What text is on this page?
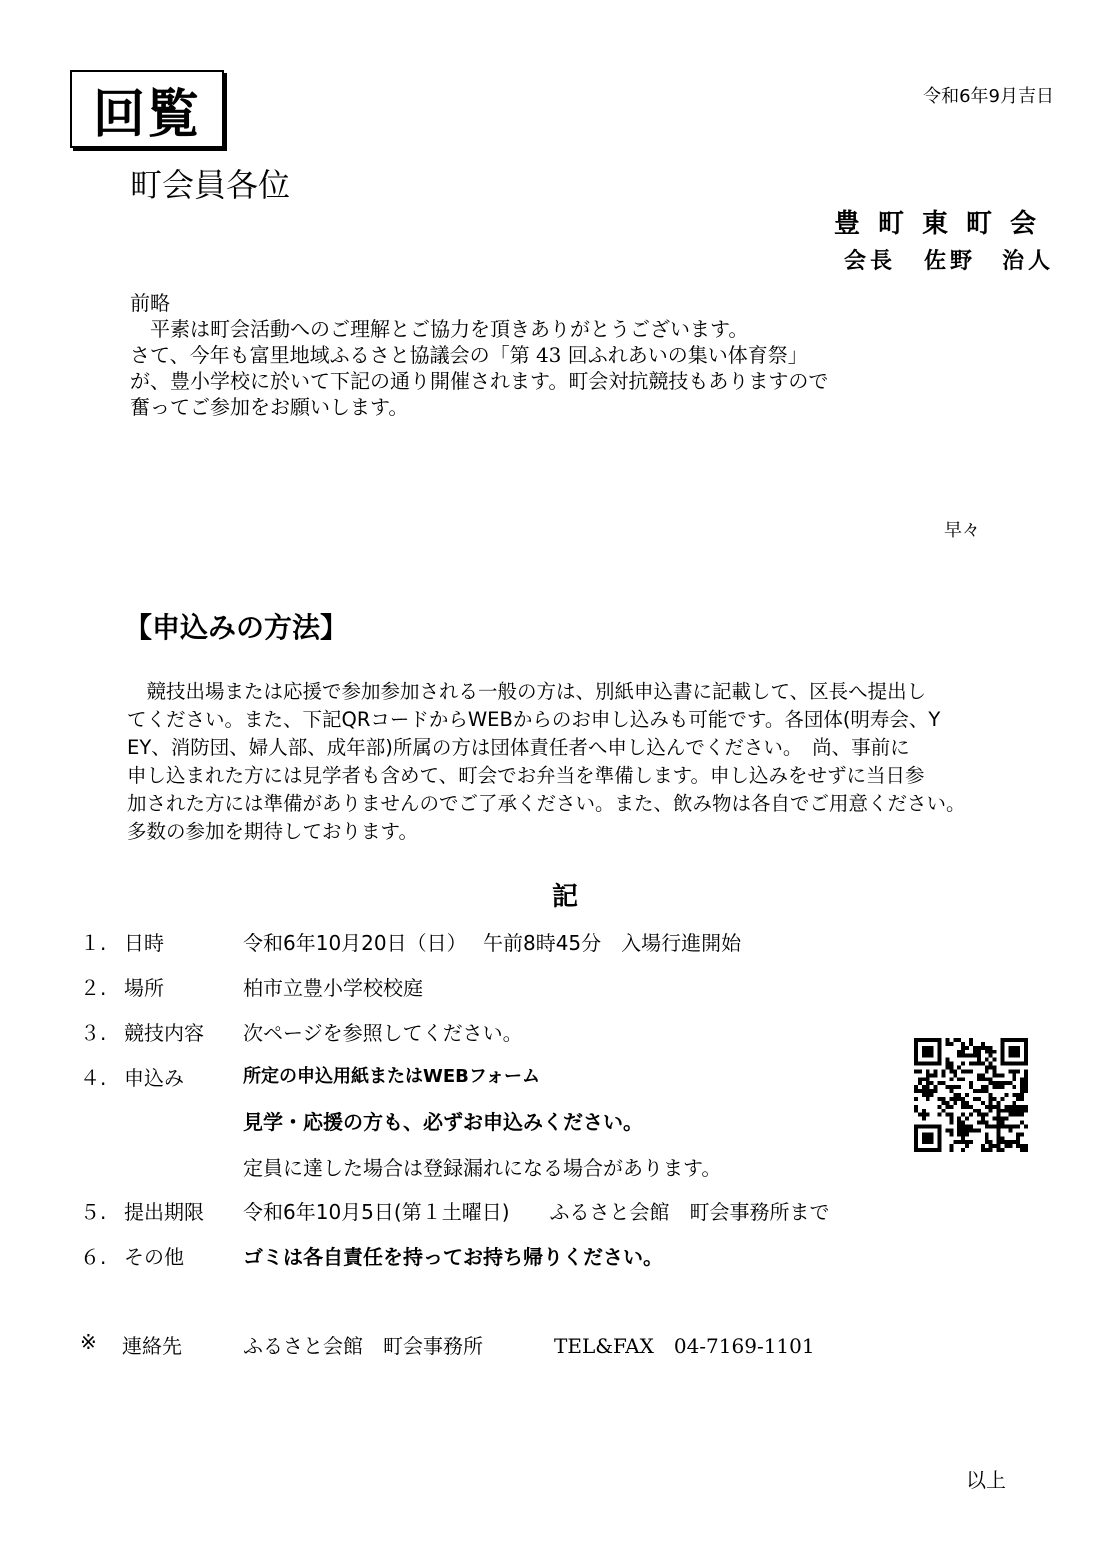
回覧	令和6年9月吉日
町会員各位
豊町東町会
会長 佐野　治人
前略
　平素は町会活動へのご理解とご協力を頂きありがとうございます。
さて、今年も富里地域ふるさと協議会の「第 43 回ふれあいの集い体育祭」
が、豊小学校に於いて下記の通り開催されます。町会対抗競技もありますので
奮ってご参加をお願いします。
早々
【申込みの方法】
　競技出場または応援で参加参加される一般の方は、別紙申込書に記載して、区長へ提出し
てください。また、下記QRコードからWEBからのお申し込みも可能です。各団体(明寿会、Y
EY、消防団、婦人部、成年部)所属の方は団体責任者へ申し込んでください。　尚、事前に
申し込まれた方には見学者も含めて、町会でお弁当を準備します。申し込みをせずに当日参
加された方には準備がありませんのでご了承ください。また、飲み物は各自でご用意ください。
多数の参加を期待しております。
記
１. 日時	令和6年10月20日（日）　 午前8時45分　入場行進開始
２. 場所	柏市立豊小学校校庭
３. 競技内容 次ページを参照してください。
４. 申込み	所定の申込用紙またはWEBフォーム
見学・応援の方も、必ずお申込みください。
定員に達した場合は登録漏れになる場合があります。
５. 提出期限 令和6年10月5日(第１土曜日)　　ふるさと会館　町会事務所まで
６. その他	ゴミは各自責任を持ってお持ち帰りください。
※ 連絡先	ふるさと会館　町会事務所	TEL&FAX　04-7169-1101
以上
